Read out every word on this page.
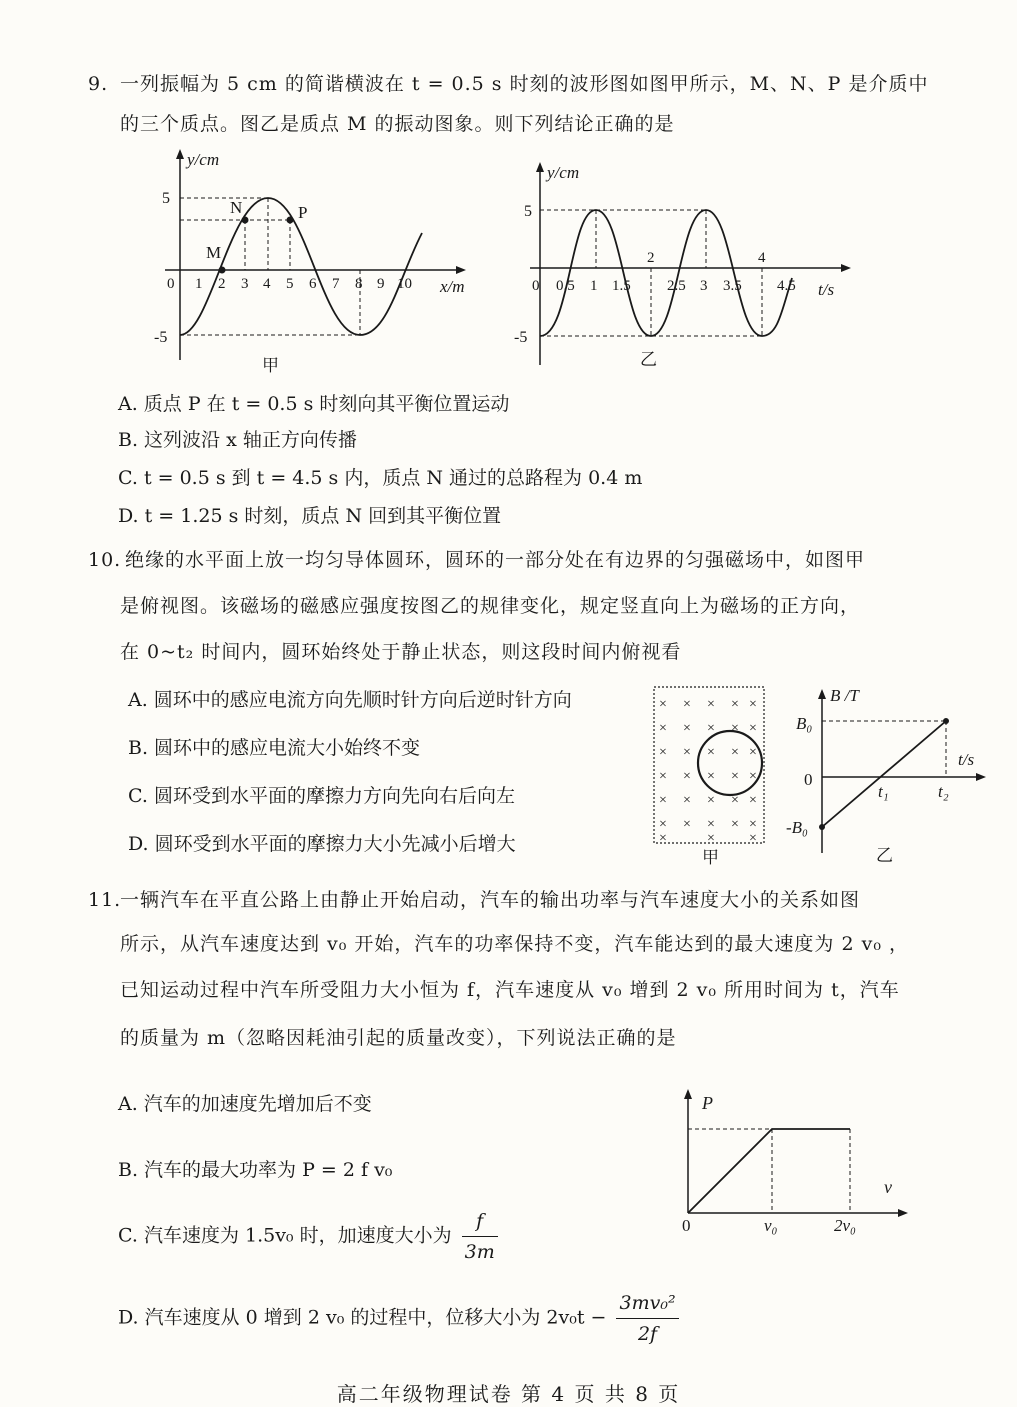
9. 一列振幅为 5 cm 的简谐横波在 t = 0.5 s 时刻的波形图如图甲所示，M、N、P 是介质中
的三个质点。图乙是质点 M 的振动图象。则下列结论正确的是
y/cm
x/m
5
-5
0 1 2 3 4 5 6 7 8 9 10
M
N	P
甲
y/cm
t/s
5
-5
0 0.5 1 1.5
2
2.5 3 3.5
4
4.5
乙
A. 质点 P 在 t = 0.5 s 时刻向其平衡位置运动
B. 这列波沿 x 轴正方向传播
C. t = 0.5 s 到 t = 4.5 s 内，质点 N 通过的总路程为 0.4 m
D. t = 1.25 s 时刻，质点 N 回到其平衡位置
10. 绝缘的水平面上放一均匀导体圆环，圆环的一部分处在有边界的匀强磁场中，如图甲
是俯视图。该磁场的磁感应强度按图乙的规律变化，规定竖直向上为磁场的正方向，
在 0~t₂ 时间内，圆环始终处于静止状态，则这段时间内俯视看
A. 圆环中的感应电流方向先顺时针方向后逆时针方向
B. 圆环中的感应电流大小始终不变
C. 圆环受到水平面的摩擦力方向先向右后向左
D. 圆环受到水平面的摩擦力大小先减小后增大
× × × × ×
× × × × ×
× × × × ×
× × × × ×
× × × × ×
× × × × ×
×	× ×
甲
B /T
t/s
B₀
-B₀
0
t₁	t₂
乙
11.
一辆汽车在平直公路上由静止开始启动，汽车的输出功率与汽车速度大小的关系如图
所示，从汽车速度达到 v₀ 开始，汽车的功率保持不变，汽车能达到的最大速度为 2 v₀ ，
已知运动过程中汽车所受阻力大小恒为 f，汽车速度从 v₀ 增到 2 v₀ 所用时间为 t，汽车
的质量为 m（忽略因耗油引起的质量改变），下列说法正确的是
A. 汽车的加速度先增加后不变
B. 汽车的最大功率为 P = 2 f v₀
C. 汽车速度为 1.5v₀ 时，加速度大小为 $\frac{f}{3m}$
D. 汽车速度从 0 增到 2 v₀ 的过程中，位移大小为 $2v_0t - \frac{\text{3mv₀²}}{2f}$
P
v
0	v₀	2v₀
高二年级物理试卷 第 4 页 共 8 页
